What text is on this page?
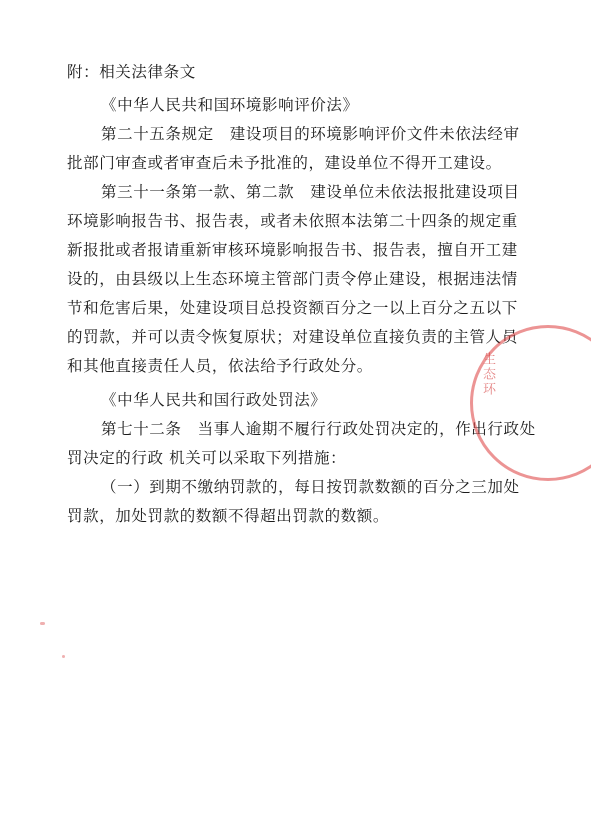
附：相关法律条文
《中华人民共和国环境影响评价法》
第二十五条规定　建设项目的环境影响评价文件未依法经审
批部门审查或者审查后未予批准的，建设单位不得开工建设。
第三十一条第一款、第二款　建设单位未依法报批建设项目
环境影响报告书、报告表，或者未依照本法第二十四条的规定重
新报批或者报请重新审核环境影响报告书、报告表，擅自开工建
设的，由县级以上生态环境主管部门责令停止建设，根据违法情
节和危害后果，处建设项目总投资额百分之一以上百分之五以下
的罚款，并可以责令恢复原状；对建设单位直接负责的主管人员
和其他直接责任人员，依法给予行政处分。
《中华人民共和国行政处罚法》
第七十二条　当事人逾期不履行行政处罚决定的，作出行政处
罚决定的行政 机关可以采取下列措施：
（一）到期不缴纳罚款的，每日按罚款数额的百分之三加处
罚款，加处罚款的数额不得超出罚款的数额。
生态环
